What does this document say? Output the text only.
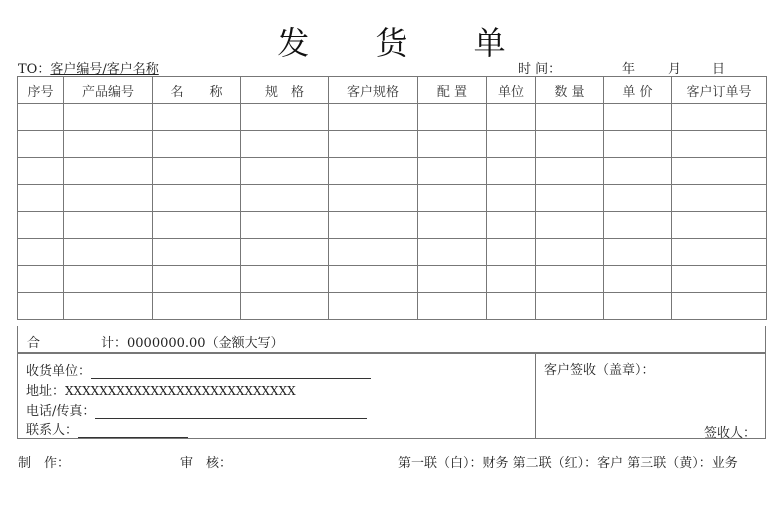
发 货 单
TO：客户编号/客户名称	时 间：	年	月 日
序号	产品编号	名　　称	规　格	客户规格	配 置	单位	数 量	单 价	客户订单号

合	计：0000000.00（金额大写）
收货单位：
地址：XXXXXXXXXXXXXXXXXXXXXXXXXXX
电话/传真：
联系人：
客户签收（盖章）：
签收人：
制　作：	审　核：	第一联（白）：财务 第二联（红）：客户 第三联（黄）：业务
